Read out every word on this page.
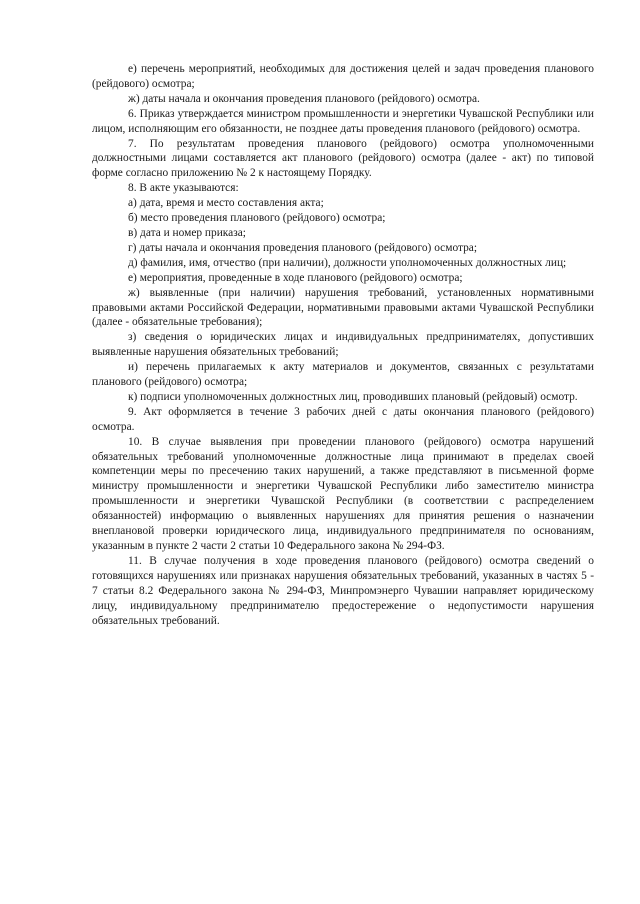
е) перечень мероприятий, необходимых для достижения целей и задач проведения планового (рейдового) осмотра;

ж) даты начала и окончания проведения планового (рейдового) осмотра.

6. Приказ утверждается министром промышленности и энергетики Чувашской Республики или лицом, исполняющим его обязанности, не позднее даты проведения планового (рейдового) осмотра.

7. По результатам проведения планового (рейдового) осмотра уполномоченными должностными лицами составляется акт планового (рейдового) осмотра (далее - акт) по типовой форме согласно приложению № 2 к настоящему Порядку.

8. В акте указываются:

а) дата, время и место составления акта;

б) место проведения планового (рейдового) осмотра;

в) дата и номер приказа;

г) даты начала и окончания проведения планового (рейдового) осмотра;

д) фамилия, имя, отчество (при наличии), должности уполномоченных должностных лиц;

е) мероприятия, проведенные в ходе планового (рейдового) осмотра;

ж) выявленные (при наличии) нарушения требований, установленных нормативными правовыми актами Российской Федерации, нормативными правовыми актами Чувашской Республики (далее - обязательные требования);

з) сведения о юридических лицах и индивидуальных предпринимателях, допустивших выявленные нарушения обязательных требований;

и) перечень прилагаемых к акту материалов и документов, связанных с результатами планового (рейдового) осмотра;

к) подписи уполномоченных должностных лиц, проводивших плановый (рейдовый) осмотр.

9. Акт оформляется в течение 3 рабочих дней с даты окончания планового (рейдового) осмотра.

10. В случае выявления при проведении планового (рейдового) осмотра нарушений обязательных требований уполномоченные должностные лица принимают в пределах своей компетенции меры по пресечению таких нарушений, а также представляют в письменной форме министру промышленности и энергетики Чувашской Республики либо заместителю министра промышленности и энергетики Чувашской Республики (в соответствии с распределением обязанностей) информацию о выявленных нарушениях для принятия решения о назначении внеплановой проверки юридического лица, индивидуального предпринимателя по основаниям, указанным в пункте 2 части 2 статьи 10 Федерального закона № 294-ФЗ.

11. В случае получения в ходе проведения планового (рейдового) осмотра сведений о готовящихся нарушениях или признаках нарушения обязательных требований, указанных в частях 5 - 7 статьи 8.2 Федерального закона № 294-ФЗ, Минпромэнерго Чувашии направляет юридическому лицу, индивидуальному предпринимателю предостережение о недопустимости нарушения обязательных требований.
